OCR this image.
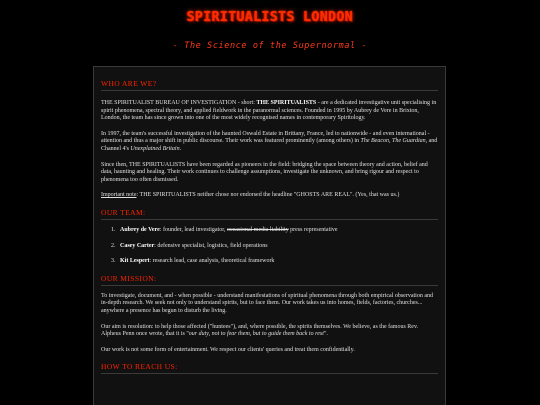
SPIRITUALISTS LONDON
- The Science of the Supernormal -
WHO ARE WE?

THE SPIRITUALIST BUREAU OF INVESTIGATION - short: THE SPIRITUALISTS - are a dedicated investigative unit specialising in spirit phenomena, spectral theory, and applied fieldwork in the paranormal sciences. Founded in 1995 by Aubrey de Vere in Brixton, London, the team has since grown into one of the most widely recognised names in contemporary Spiritology.

In 1997, the team's successful investigation of the haunted Oswald Estate in Brittany, France, led to nationwide - and even international - attention and thus a major shift in public discourse. Their work was featured prominently (among others) in The Beacon, The Guardian, and Channel 4's Unexplained Britain.

Since then, THE SPIRITUALISTS have been regarded as pioneers in the field: bridging the space between theory and action, belief and data, haunting and healing. Their work continues to challenge assumptions, investigate the unknown, and bring rigour and respect to phenomena too often dismissed.

Important note: THE SPIRITUALISTS neither chose nor endorsed the headline "GHOSTS ARE REAL". (Yes, that was us.)

OUR TEAM:
1. Aubrey de Vere: founder, lead investigator, occasional media liability press representative
2. Casey Carter: defensive specialist, logistics, field operations
3. Kit Lespert: research lead, case analysis, theoretical framework
OUR MISSION:

To investigate, document, and - when possible - understand manifestations of spiritual phenomena through both empirical observation and in-depth research. We seek not only to understand spirits, but to face them. Our work takes us into homes, fields, factories, churches... anywhere a presence has begun to disturb the living.

Our aim is resolution: to help those affected ("huntees"), and, where possible, the spirits themselves. We believe, as the famous Rev. Alpheus Penn once wrote, that it is "our duty, not to fear them, but to guide them back to rest".

Our work is not some form of entertainment. We respect our clients' queries and treat them confidentially.

HOW TO REACH US:
